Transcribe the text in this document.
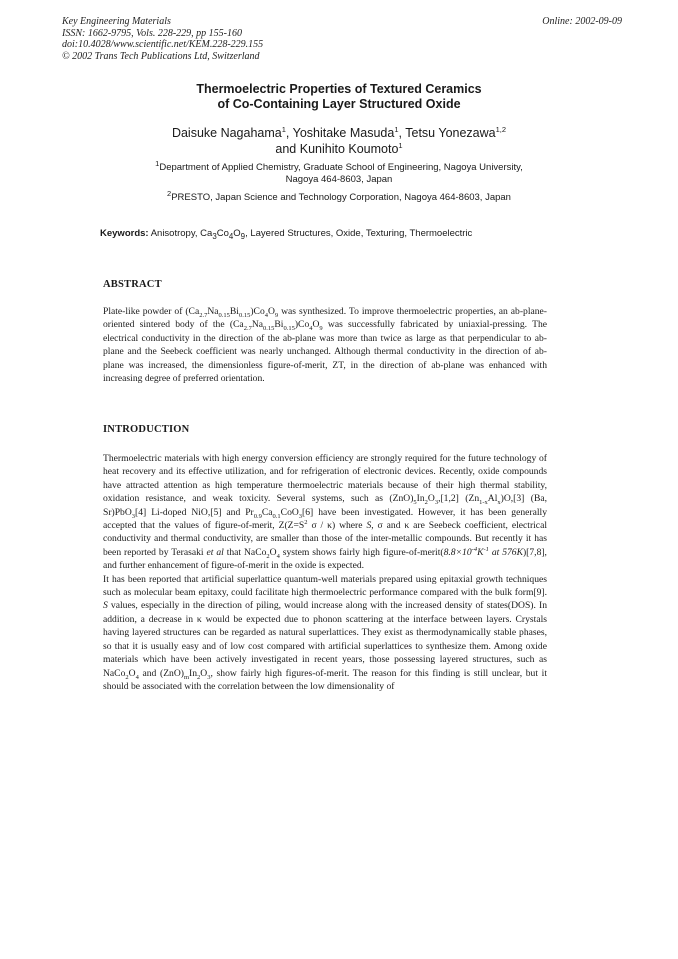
Key Engineering Materials
ISSN: 1662-9795, Vols. 228-229, pp 155-160
doi:10.4028/www.scientific.net/KEM.228-229.155
© 2002 Trans Tech Publications Ltd, Switzerland
Online: 2002-09-09
Thermoelectric Properties of Textured Ceramics
of Co-Containing Layer Structured Oxide
Daisuke Nagahama$^1$, Yoshitake Masuda$^1$, Tetsu Yonezawa$^{1,2}$
and Kunihito Koumoto$^1$
$^1$Department of Applied Chemistry, Graduate School of Engineering, Nagoya University,
Nagoya 464-8603, Japan
$^2$PRESTO, Japan Science and Technology Corporation, Nagoya 464-8603, Japan
Keywords: Anisotropy, $Ca_3Co_4O_9$, Layered Structures, Oxide, Texturing, Thermoelectric
ABSTRACT

Plate-like powder of $(Ca_{2.7}Na_{0.15}Bi_{0.15})Co_4O_9$ was synthesized. To improve thermoelectric properties, an ab-plane-oriented sintered body of the $(Ca_{2.7}Na_{0.15}Bi_{0.15})Co_4O_9$ was successfully fabricated by uniaxial-pressing. The electrical conductivity in the direction of the ab-plane was more than twice as large as that perpendicular to ab-plane and the Seebeck coefficient was nearly unchanged. Although thermal conductivity in the direction of ab-plane was increased, the dimensionless figure-of-merit, ZT, in the direction of ab-plane was enhanced with increasing degree of preferred orientation.

INTRODUCTION

Thermoelectric materials with high energy conversion efficiency are strongly required for the future technology of heat recovery and its effective utilization, and for refrigeration of electronic devices. Recently, oxide compounds have attracted attention as high temperature thermoelectric materials because of their high thermal stability, oxidation resistance, and weak toxicity. Several systems, such as $(ZnO)_5In_2O_3,[1,2]$ $(Zn_{1-x}Al_x)O,[3]$ (Ba, Sr)PbO$_3$[4] Li-doped NiO,[5] and $Pr_{0.9}Ca_{0.1}CoO_3[6]$ have been investigated. However, it has been generally accepted that the values of figure-of-merit, $Z(Z=S^2$ σ / κ) where S, σ and κ are Seebeck coefficient, electrical conductivity and thermal conductivity, are smaller than those of the inter-metallic compounds. But recently it has been reported by Terasaki et al that $NaCo_2O_4$ system shows fairly high figure-$of-merit(8.8\times 10^{-4}K^{-1}$ at 576K)[7,8], and further enhancement of figure-of-merit in the oxide is expected.

It has been reported that artificial superlattice quantum-well materials prepared using epitaxial growth techniques such as molecular beam epitaxy, could facilitate high thermoelectric performance compared with the bulk form[9]. S values, especially in the direction of piling, would increase along with the increased density of states(DOS). In addition, a decrease in κ would be expected due to phonon scattering at the interface between layers. Crystals having layered structures can be regarded as natural superlattices. They exist as thermodynamically stable phases, so that it is usually easy and of low cost compared with artificial superlattices to synthesize them. Among oxide materials which have been actively investigated in recent years, those possessing layered structures, such as $NaCo_2O_4$ and $(ZnO)_mIn_2O_3$, show fairly high figures-of-merit. The reason for this finding is still unclear, but it should be associated with the correlation between the low dimensionality of
